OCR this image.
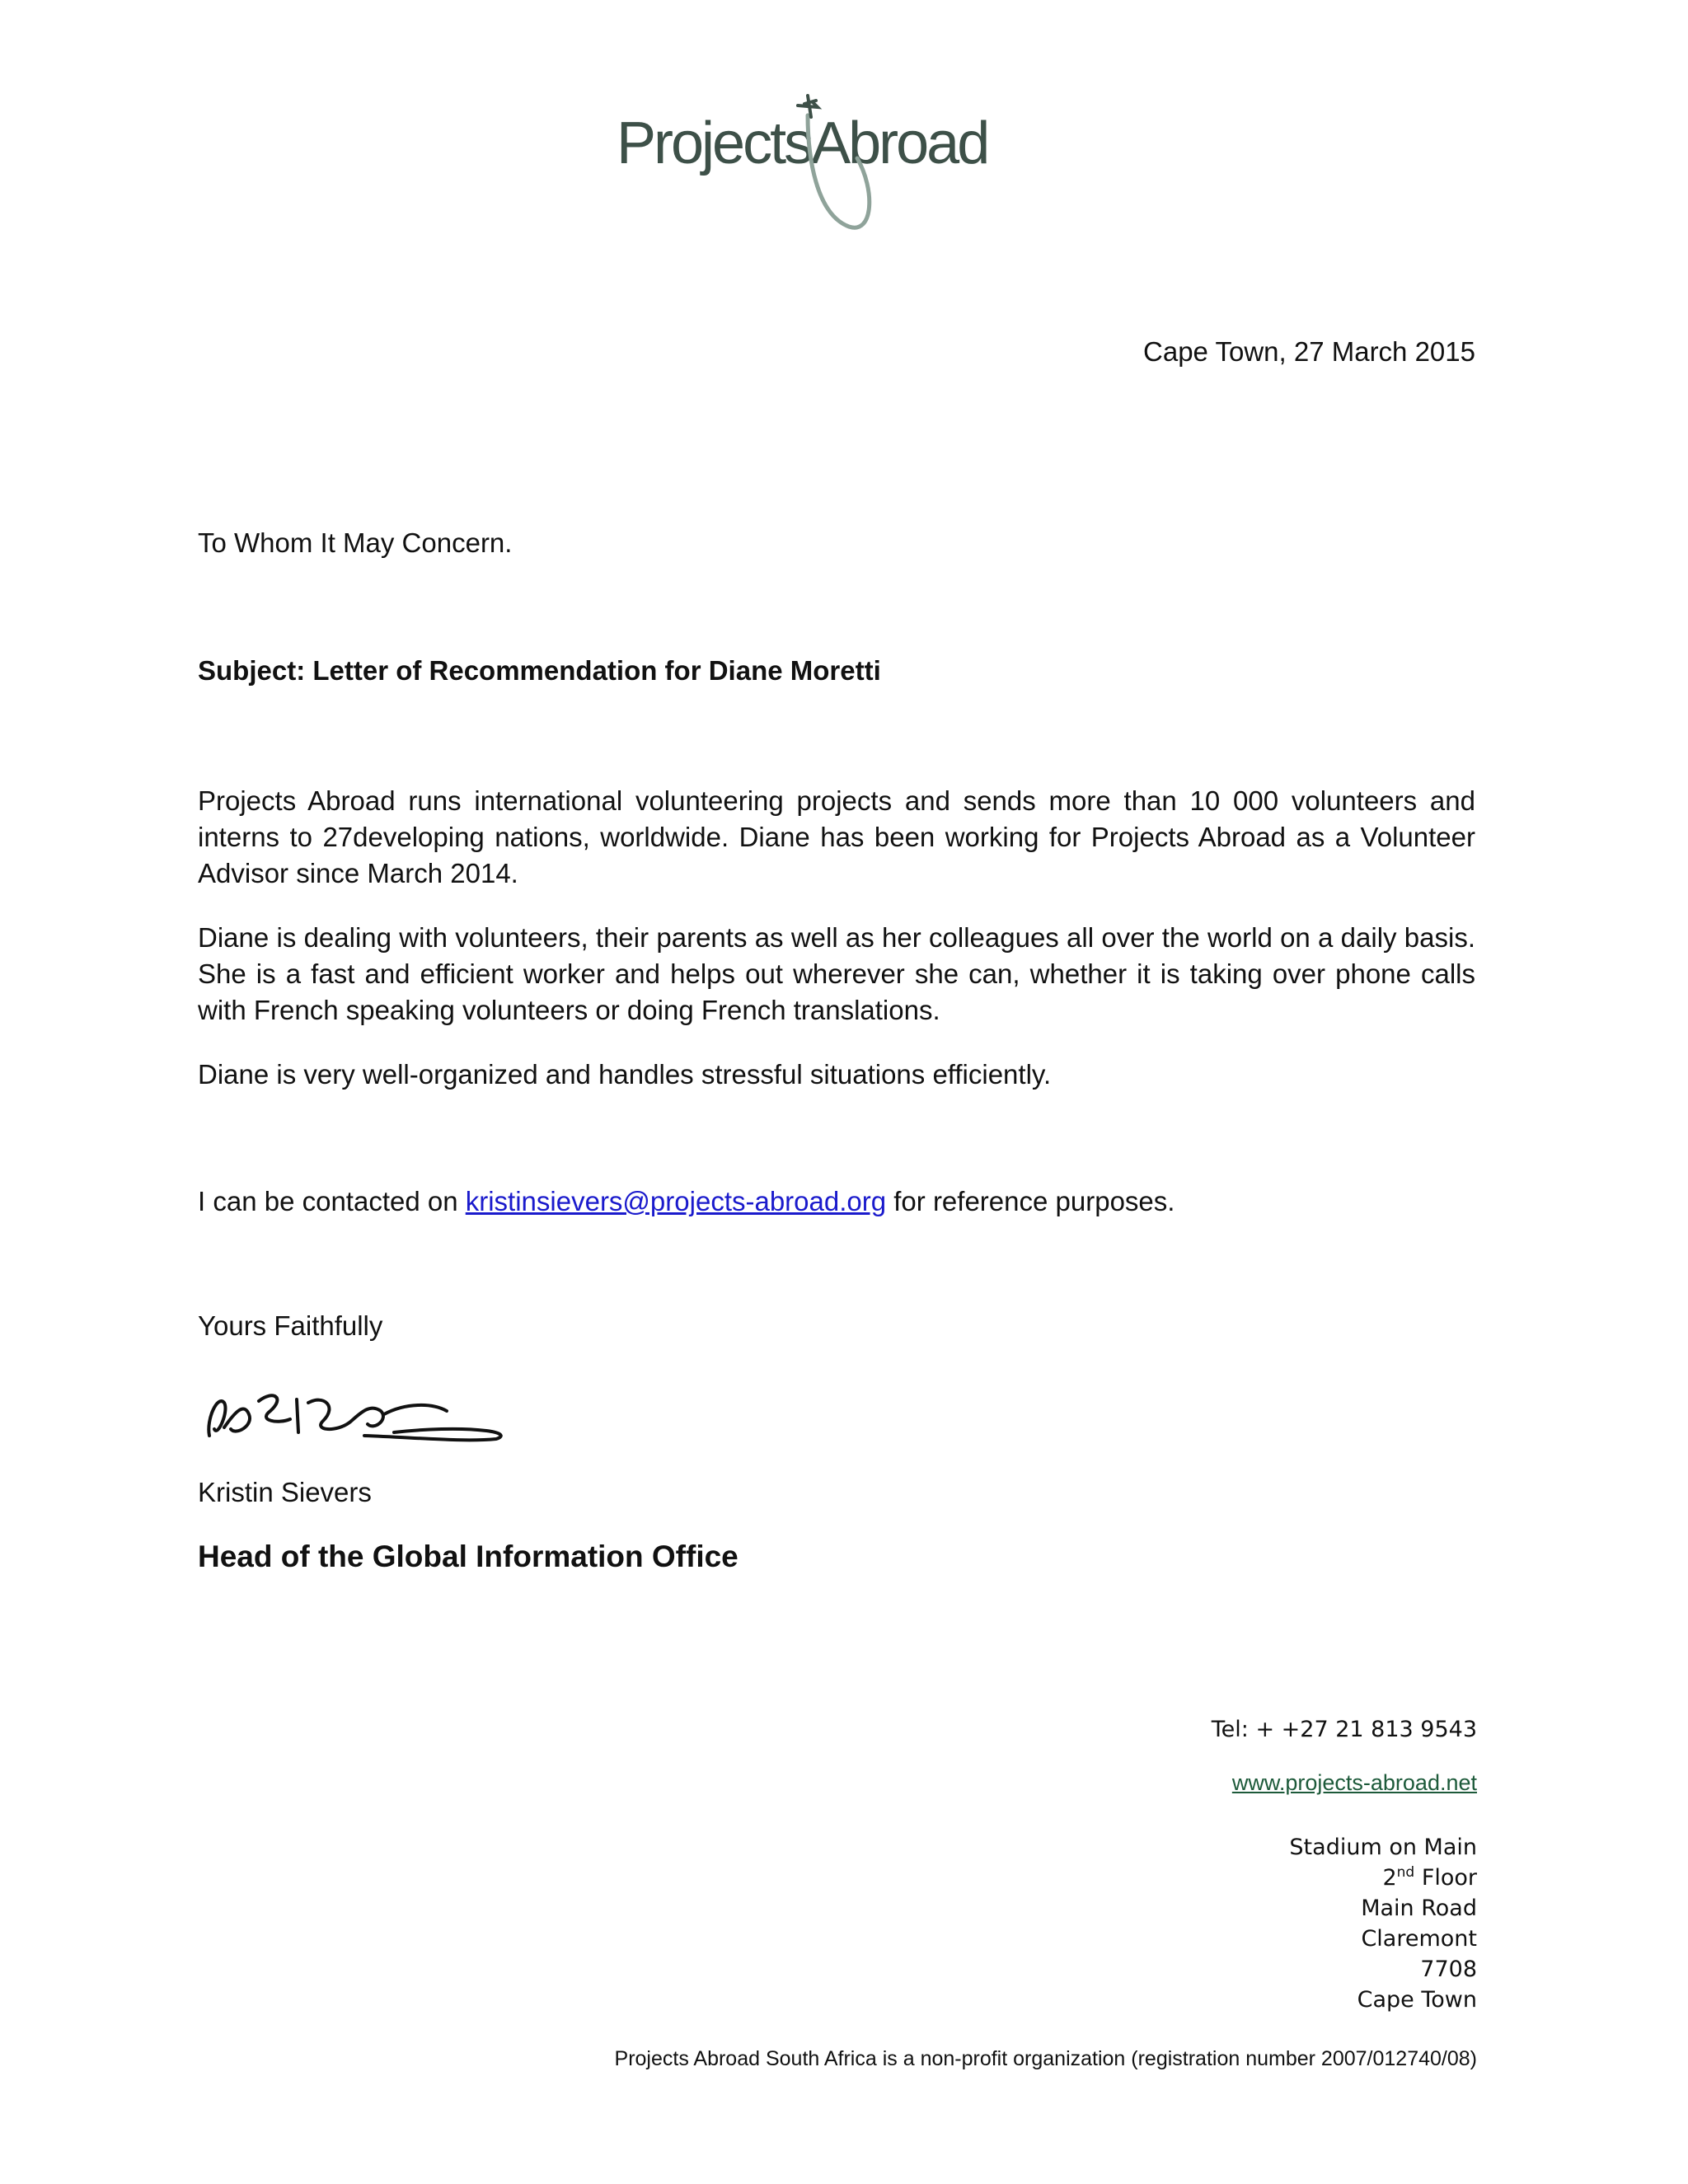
ProjectsAbroad
Cape Town, 27 March 2015
To Whom It May Concern.
Subject: Letter of Recommendation for Diane Moretti
Projects Abroad runs international volunteering projects and sends more than 10 000 volunteers and interns to 27developing nations, worldwide. Diane has been working for Projects Abroad as a Volunteer Advisor since March 2014.
Diane is dealing with volunteers, their parents as well as her colleagues all over the world on a daily basis. She is a fast and efficient worker and helps out wherever she can, whether it is taking over phone calls with French speaking volunteers or doing French translations.
Diane is very well-organized and handles stressful situations efficiently.
I can be contacted on kristinsievers@projects-abroad.org for reference purposes.
Yours Faithfully
Kristin Sievers
Head of the Global Information Office
Tel: + +27 21 813 9543
www.projects-abroad.net
Stadium on Main
2nd Floor
Main Road
Claremont
7708
Cape Town
Projects Abroad South Africa is a non-profit organization (registration number 2007/012740/08)
